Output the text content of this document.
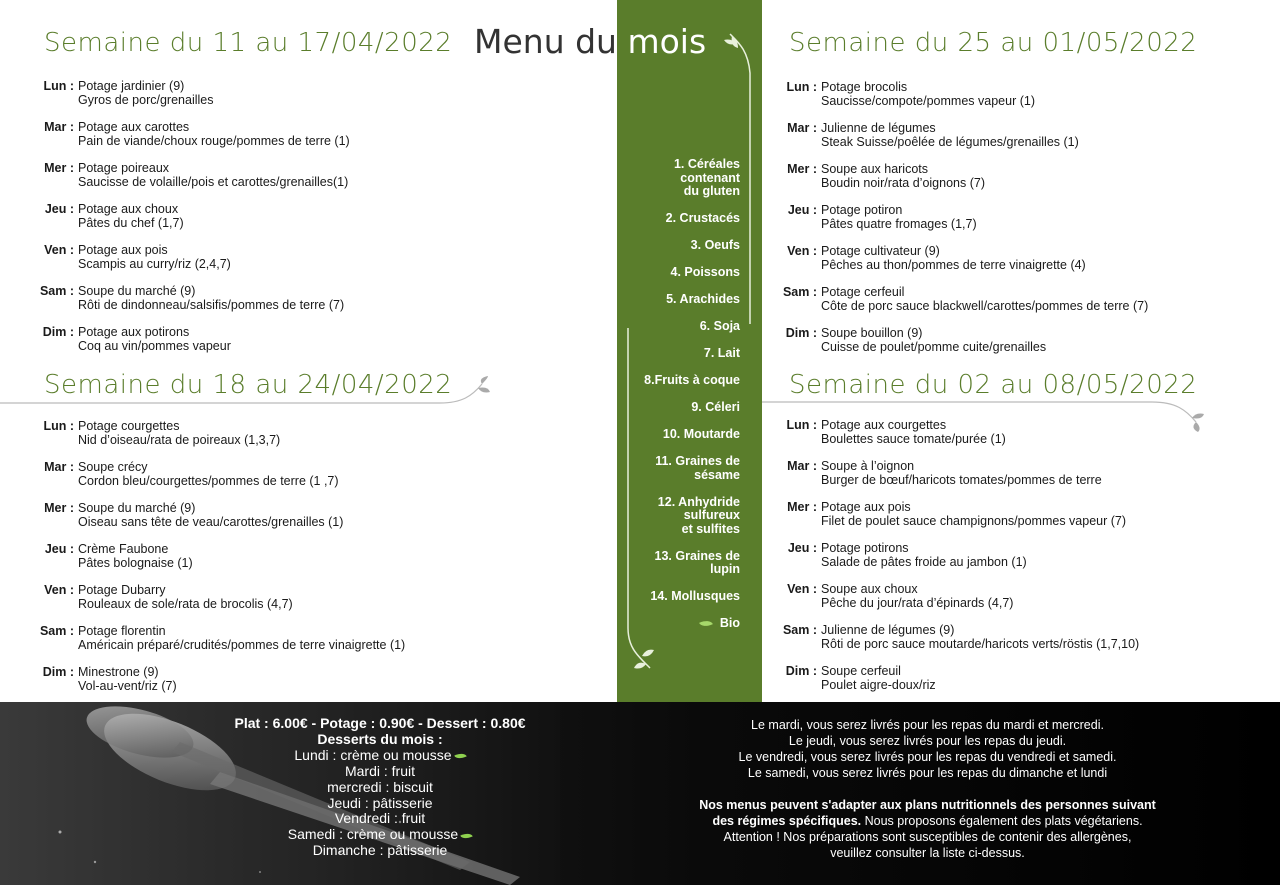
Menu du mois
Semaine du 11 au 17/04/2022
Semaine du 18 au 24/04/2022
Semaine du 25 au 01/05/2022
Semaine du 02 au 08/05/2022
Lun : Potage jardinier (9)
Gyros de porc/grenailles
Mar : Potage aux carottes
Pain de viande/choux rouge/pommes de terre (1)
Mer : Potage poireaux
Saucisse de volaille/pois et carottes/grenailles(1)
Jeu : Potage aux choux
Pâtes du chef (1,7)
Ven : Potage aux pois
Scampis au curry/riz (2,4,7)
Sam : Soupe du marché (9)
Rôti de dindonneau/salsifis/pommes de terre (7)
Dim : Potage aux potirons
Coq au vin/pommes vapeur
Lun : Potage courgettes
Nid d’oiseau/rata de poireaux (1,3,7)
Mar : Soupe crécy
Cordon bleu/courgettes/pommes de terre (1 ,7)
Mer : Soupe du marché (9)
Oiseau sans tête de veau/carottes/grenailles (1)
Jeu : Crème Faubone
Pâtes bolognaise (1)
Ven : Potage Dubarry
Rouleaux de sole/rata de brocolis (4,7)
Sam : Potage florentin
Américain préparé/crudités/pommes de terre vinaigrette (1)
Dim : Minestrone (9)
Vol-au-vent/riz (7)
Lun : Potage brocolis
Saucisse/compote/pommes vapeur (1)
Mar : Julienne de légumes
Steak Suisse/poêlée de légumes/grenailles (1)
Mer : Soupe aux haricots
Boudin noir/rata d’oignons (7)
Jeu : Potage potiron
Pâtes quatre fromages (1,7)
Ven : Potage cultivateur (9)
Pêches au thon/pommes de terre vinaigrette (4)
Sam : Potage cerfeuil
Côte de porc sauce blackwell/carottes/pommes de terre (7)
Dim : Soupe bouillon (9)
Cuisse de poulet/pomme cuite/grenailles
Lun : Potage aux courgettes
Boulettes sauce tomate/purée (1)
Mar : Soupe à l’oignon
Burger de bœuf/haricots tomates/pommes de terre
Mer : Potage aux pois
Filet de poulet sauce champignons/pommes vapeur (7)
Jeu : Potage potirons
Salade de pâtes froide au jambon (1)
Ven : Soupe aux choux
Pêche du jour/rata d’épinards (4,7)
Sam : Julienne de légumes (9)
Rôti de porc sauce moutarde/haricots verts/röstis (1,7,10)
Dim : Soupe cerfeuil
Poulet aigre-doux/riz
1. Céréales
contenant
du gluten
2. Crustacés
3. Oeufs
4. Poissons
5. Arachides
6. Soja
7. Lait
8.Fruits à coque
9. Céleri
10. Moutarde
11. Graines de
sésame
12. Anhydride
sulfureux
et sulfites
13. Graines de
lupin
14. Mollusques
Bio
Plat : 6.00€ - Potage : 0.90€ - Dessert : 0.80€
Desserts du mois :
Lundi : crème ou mousse
Mardi : fruit
mercredi : biscuit
Jeudi : pâtisserie
Vendredi : fruit
Samedi : crème ou mousse
Dimanche : pâtisserie
Le mardi, vous serez livrés pour les repas du mardi et mercredi.
Le jeudi, vous serez livrés pour les repas du jeudi.
Le vendredi, vous serez livrés pour les repas du vendredi et samedi.
Le samedi, vous serez livrés pour les repas du dimanche et lundi
Nos menus peuvent s'adapter aux plans nutritionnels des personnes suivant
des régimes spécifiques. Nous proposons également des plats végétariens.
Attention ! Nos préparations sont susceptibles de contenir des allergènes,
veuillez consulter la liste ci-dessus.
